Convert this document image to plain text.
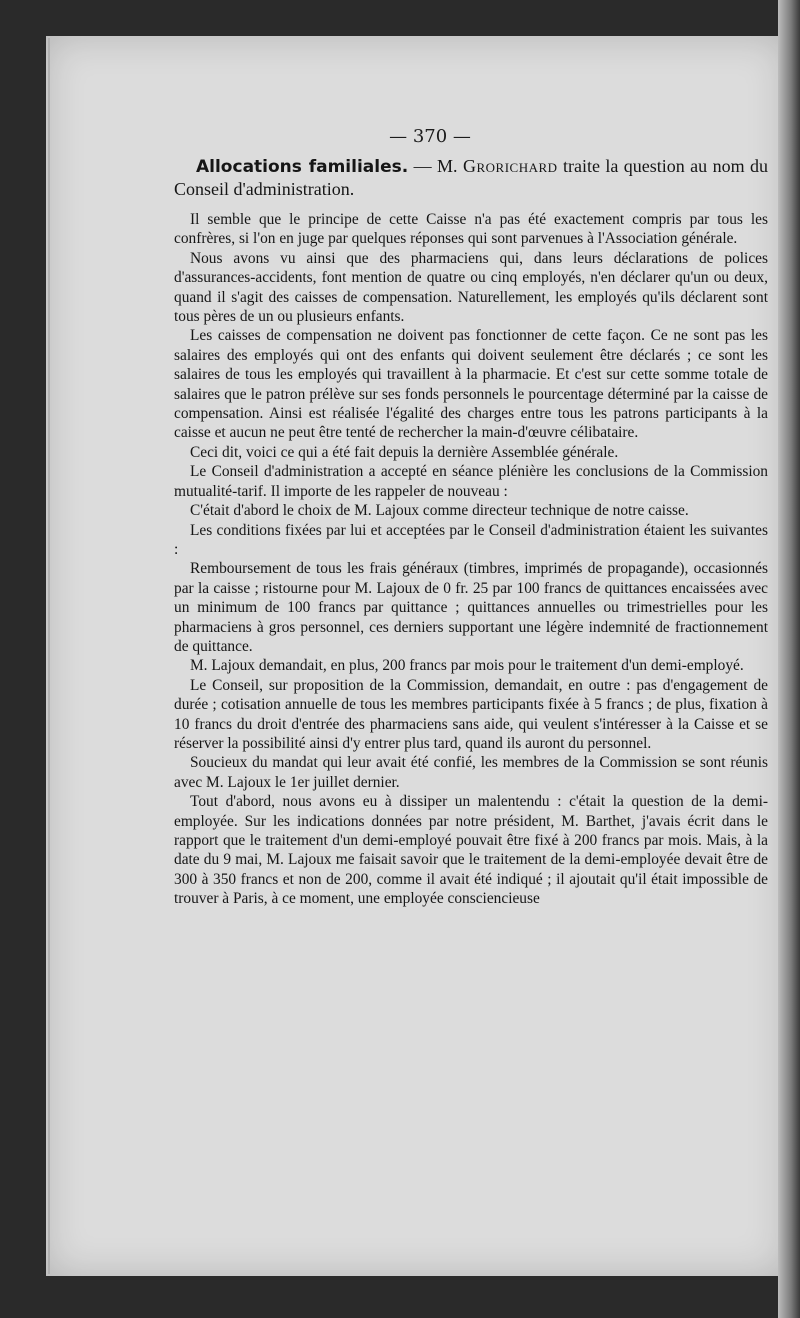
— 370 —

Allocations familiales. — M. Grorichard traite la question au nom du Conseil d'administration.

Il semble que le principe de cette Caisse n'a pas été exactement compris par tous les confrères, si l'on en juge par quelques réponses qui sont parvenues à l'Association générale.

Nous avons vu ainsi que des pharmaciens qui, dans leurs déclarations de polices d'assurances-accidents, font mention de quatre ou cinq employés, n'en déclarer qu'un ou deux, quand il s'agit des caisses de compensation. Naturellement, les employés qu'ils déclarent sont tous pères de un ou plusieurs enfants.

Les caisses de compensation ne doivent pas fonctionner de cette façon. Ce ne sont pas les salaires des employés qui ont des enfants qui doivent seulement être déclarés ; ce sont les salaires de tous les employés qui travaillent à la pharmacie. Et c'est sur cette somme totale de salaires que le patron prélève sur ses fonds personnels le pourcentage déterminé par la caisse de compensation. Ainsi est réalisée l'égalité des charges entre tous les patrons participants à la caisse et aucun ne peut être tenté de rechercher la main-d'œuvre célibataire.

Ceci dit, voici ce qui a été fait depuis la dernière Assemblée générale.

Le Conseil d'administration a accepté en séance plénière les conclusions de la Commission mutualité-tarif. Il importe de les rappeler de nouveau :

C'était d'abord le choix de M. Lajoux comme directeur technique de notre caisse.

Les conditions fixées par lui et acceptées par le Conseil d'administration étaient les suivantes :

Remboursement de tous les frais généraux (timbres, imprimés de propagande), occasionnés par la caisse ; ristourne pour M. Lajoux de 0 fr. 25 par 100 francs de quittances encaissées avec un minimum de 100 francs par quittance ; quittances annuelles ou trimestrielles pour les pharmaciens à gros personnel, ces derniers supportant une légère indemnité de fractionnement de quittance.

M. Lajoux demandait, en plus, 200 francs par mois pour le traitement d'un demi-employé.

Le Conseil, sur proposition de la Commission, demandait, en outre : pas d'engagement de durée ; cotisation annuelle de tous les membres participants fixée à 5 francs ; de plus, fixation à 10 francs du droit d'entrée des pharmaciens sans aide, qui veulent s'intéresser à la Caisse et se réserver la possibilité ainsi d'y entrer plus tard, quand ils auront du personnel.

Soucieux du mandat qui leur avait été confié, les membres de la Commission se sont réunis avec M. Lajoux le 1er juillet dernier.

Tout d'abord, nous avons eu à dissiper un malentendu : c'était la question de la demi-employée. Sur les indications données par notre président, M. Barthet, j'avais écrit dans le rapport que le traitement d'un demi-employé pouvait être fixé à 200 francs par mois. Mais, à la date du 9 mai, M. Lajoux me faisait savoir que le traitement de la demi-employée devait être de 300 à 350 francs et non de 200, comme il avait été indiqué ; il ajoutait qu'il était impossible de trouver à Paris, à ce moment, une employée consciencieuse
